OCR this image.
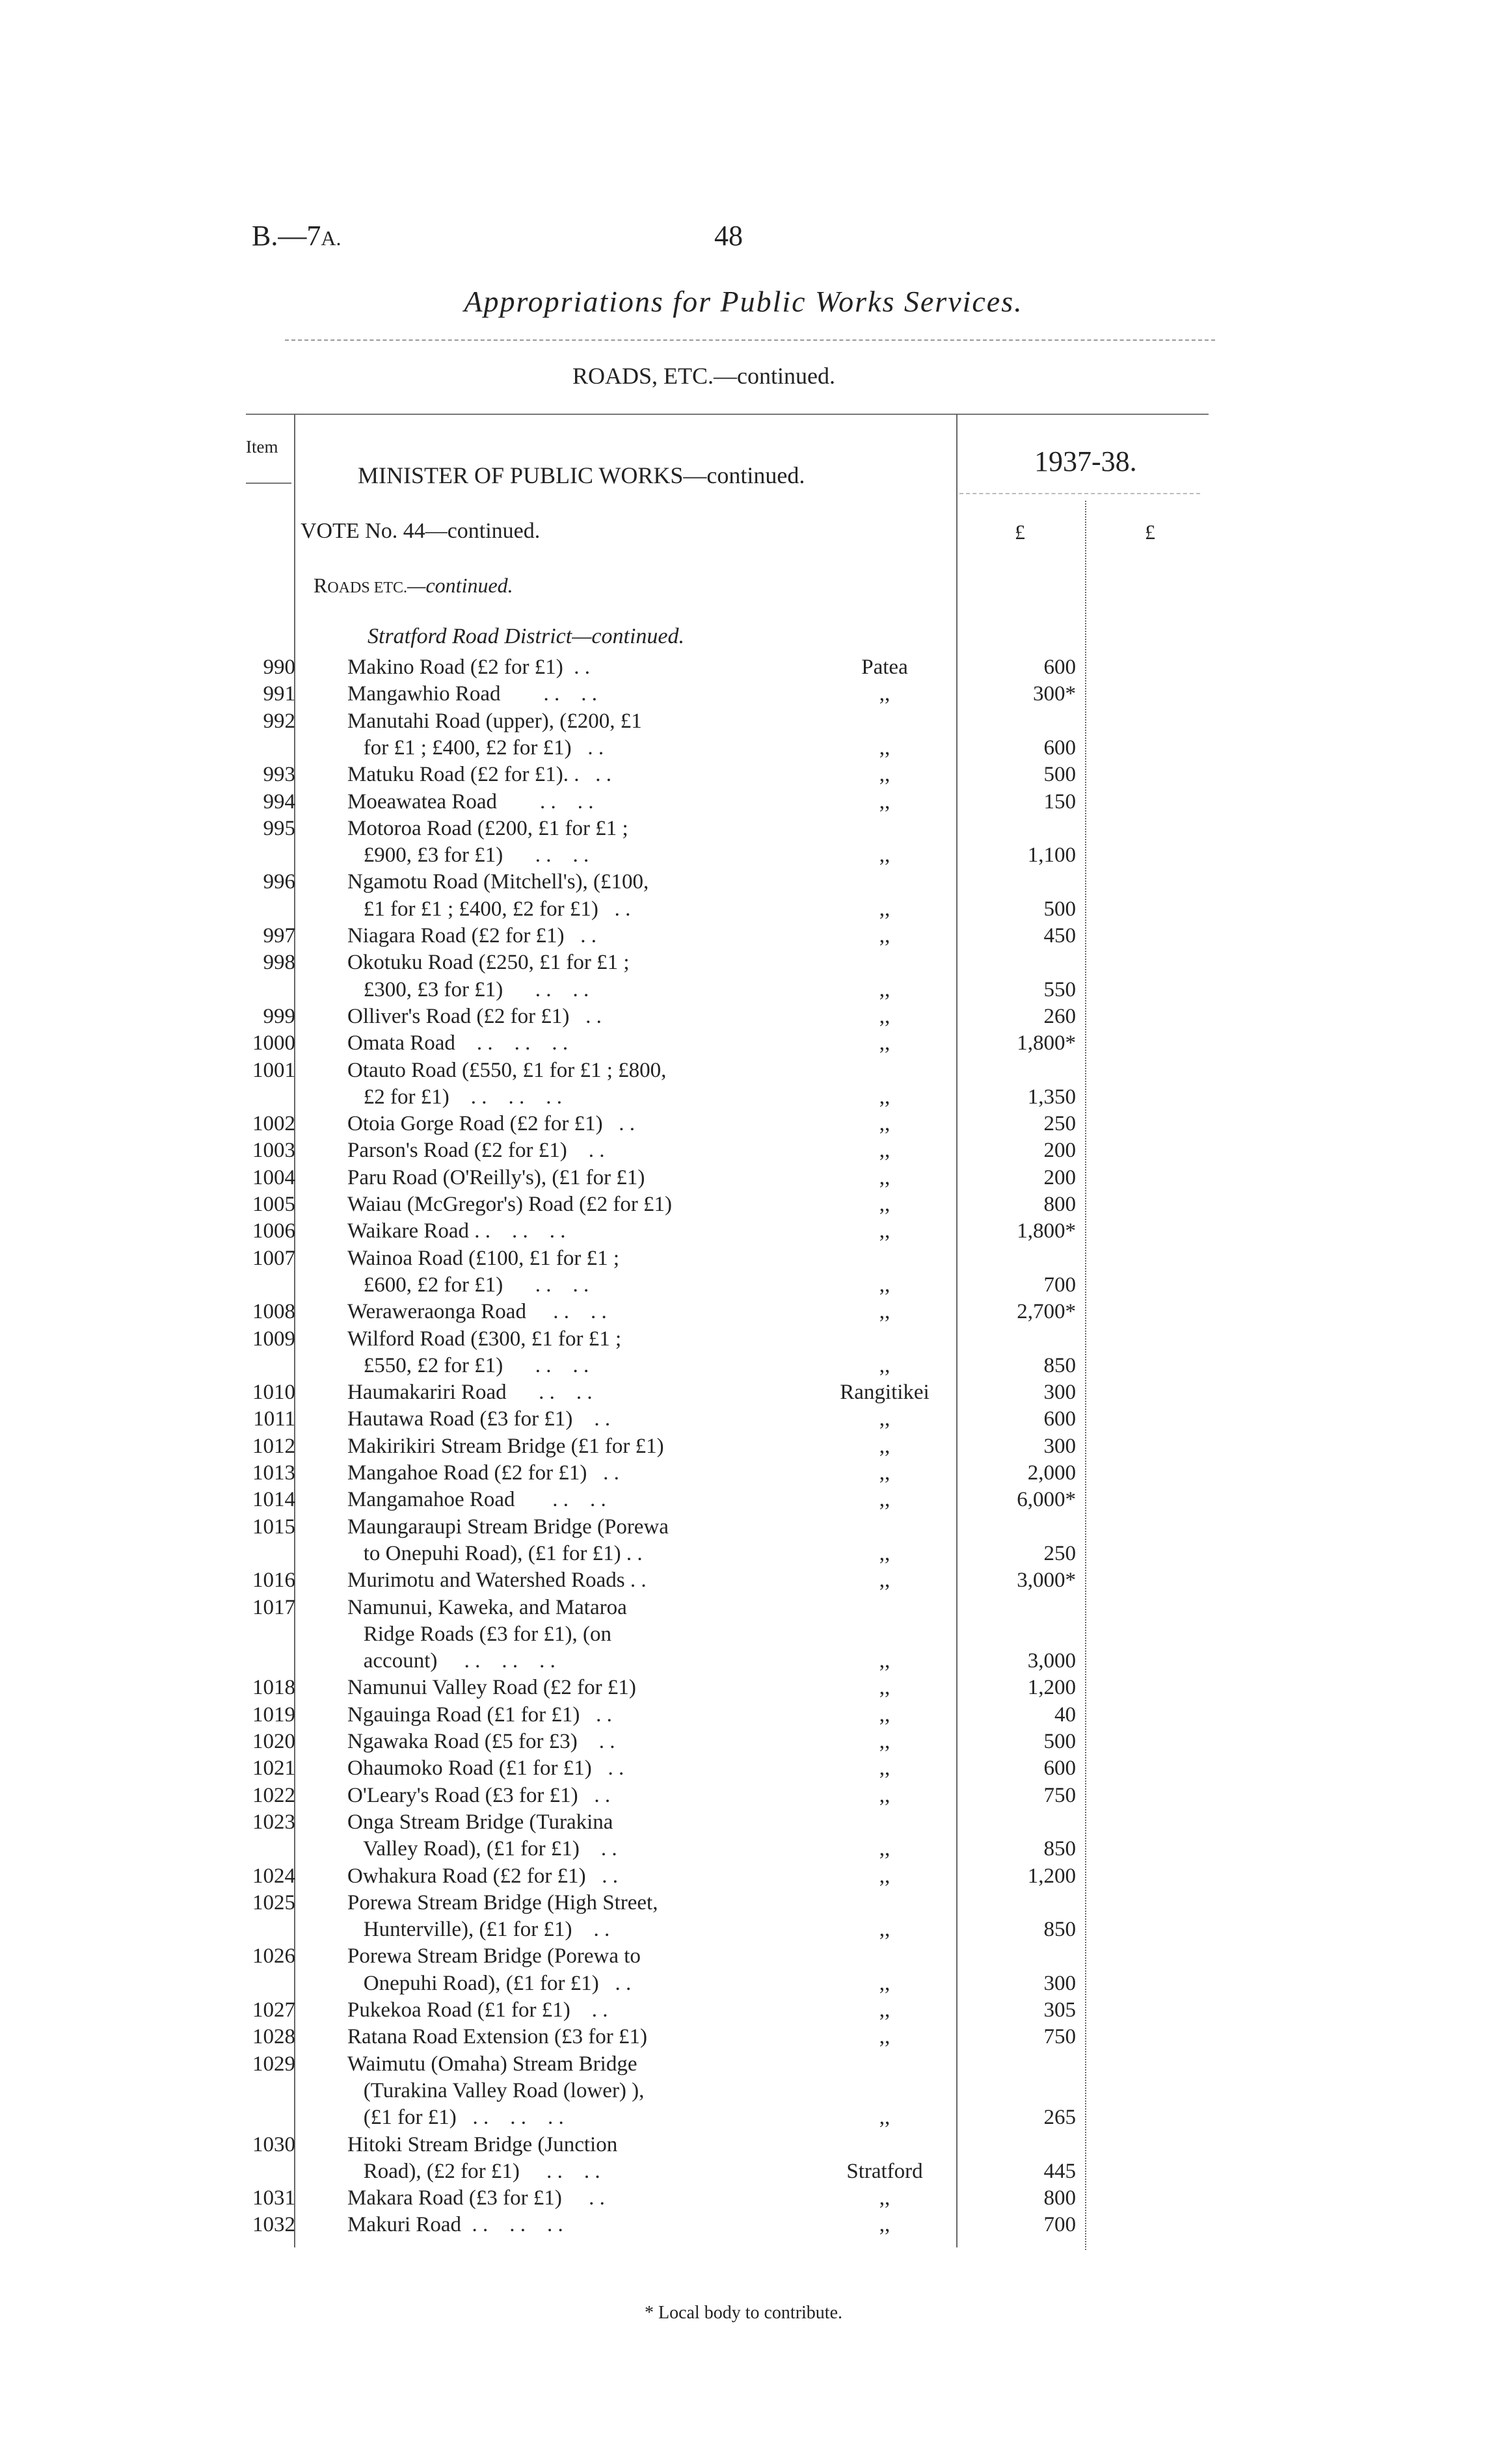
B.—7A.	48
Appropriations for Public Works Services.
ROADS, ETC.—continued.
Item
MINISTER OF PUBLIC WORKS—continued.	1937-38.
VOTE No. 44—continued.	£	£
ROADS ETC.—continued.
Stratford Road District—continued.
990 Makino Road (£2 for £1)  . .	Patea	600
991 Mangawhio Road        . .    . .	,,	300*
992 Manutahi Road (upper), (£200, £1
for £1 ; £400, £2 for £1)   . .	,,	600
993 Matuku Road (£2 for £1). .   . .	,,	500
994 Moeawatea Road        . .    . .	,,	150
995 Motoroa Road (£200, £1 for £1 ;
£900, £3 for £1)      . .    . .	,,	1,100
996 Ngamotu Road (Mitchell's), (£100,
£1 for £1 ; £400, £2 for £1)   . .	,,	500
997 Niagara Road (£2 for £1)   . .	,,	450
998 Okotuku Road (£250, £1 for £1 ;
£300, £3 for £1)      . .    . .	,,	550
999 Olliver's Road (£2 for £1)   . .	,,	260
1000 Omata Road    . .    . .    . .	,,	1,800*
1001 Otauto Road (£550, £1 for £1 ; £800,
£2 for £1)    . .    . .    . .	,,	1,350
1002 Otoia Gorge Road (£2 for £1)   . .	,,	250
1003 Parson's Road (£2 for £1)    . .	,,	200
1004 Paru Road (O'Reilly's), (£1 for £1)	,,	200
1005 Waiau (McGregor's) Road (£2 for £1)	,,	800
1006 Waikare Road . .    . .    . .	,,	1,800*
1007 Wainoa Road (£100, £1 for £1 ;
£600, £2 for £1)      . .    . .	,,	700
1008 Weraweraonga Road     . .    . .	,,	2,700*
1009 Wilford Road (£300, £1 for £1 ;
£550, £2 for £1)      . .    . .	,,	850
1010 Haumakariri Road      . .    . .	Rangitikei	300
1011 Hautawa Road (£3 for £1)    . .	,,	600
1012 Makirikiri Stream Bridge (£1 for £1)	,,	300
1013 Mangahoe Road (£2 for £1)   . .	,,	2,000
1014 Mangamahoe Road       . .    . .	,,	6,000*
1015 Maungaraupi Stream Bridge (Porewa
to Onepuhi Road), (£1 for £1) . .	,,	250
1016 Murimotu and Watershed Roads . .	,,	3,000*
1017 Namunui, Kaweka, and Mataroa
Ridge Roads (£3 for £1), (on
account)     . .    . .    . .	,,	3,000
1018 Namunui Valley Road (£2 for £1)	,,	1,200
1019 Ngauinga Road (£1 for £1)   . .	,,	40
1020 Ngawaka Road (£5 for £3)    . .	,,	500
1021 Ohaumoko Road (£1 for £1)   . .	,,	600
1022 O'Leary's Road (£3 for £1)   . .	,,	750
1023 Onga Stream Bridge (Turakina
Valley Road), (£1 for £1)    . .	,,	850
1024 Owhakura Road (£2 for £1)   . .	,,	1,200
1025 Porewa Stream Bridge (High Street,
Hunterville), (£1 for £1)    . .	,,	850
1026 Porewa Stream Bridge (Porewa to
Onepuhi Road), (£1 for £1)   . .	,,	300
1027 Pukekoa Road (£1 for £1)    . .	,,	305
1028 Ratana Road Extension (£3 for £1)	,,	750
1029 Waimutu (Omaha) Stream Bridge
(Turakina Valley Road (lower) ),
(£1 for £1)   . .    . .    . .	,,	265
1030 Hitoki Stream Bridge (Junction
Road), (£2 for £1)     . .    . .	Stratford	445
1031 Makara Road (£3 for £1)     . .	,,	800
1032 Makuri Road  . .    . .    . .	,,	700
* Local body to contribute.
